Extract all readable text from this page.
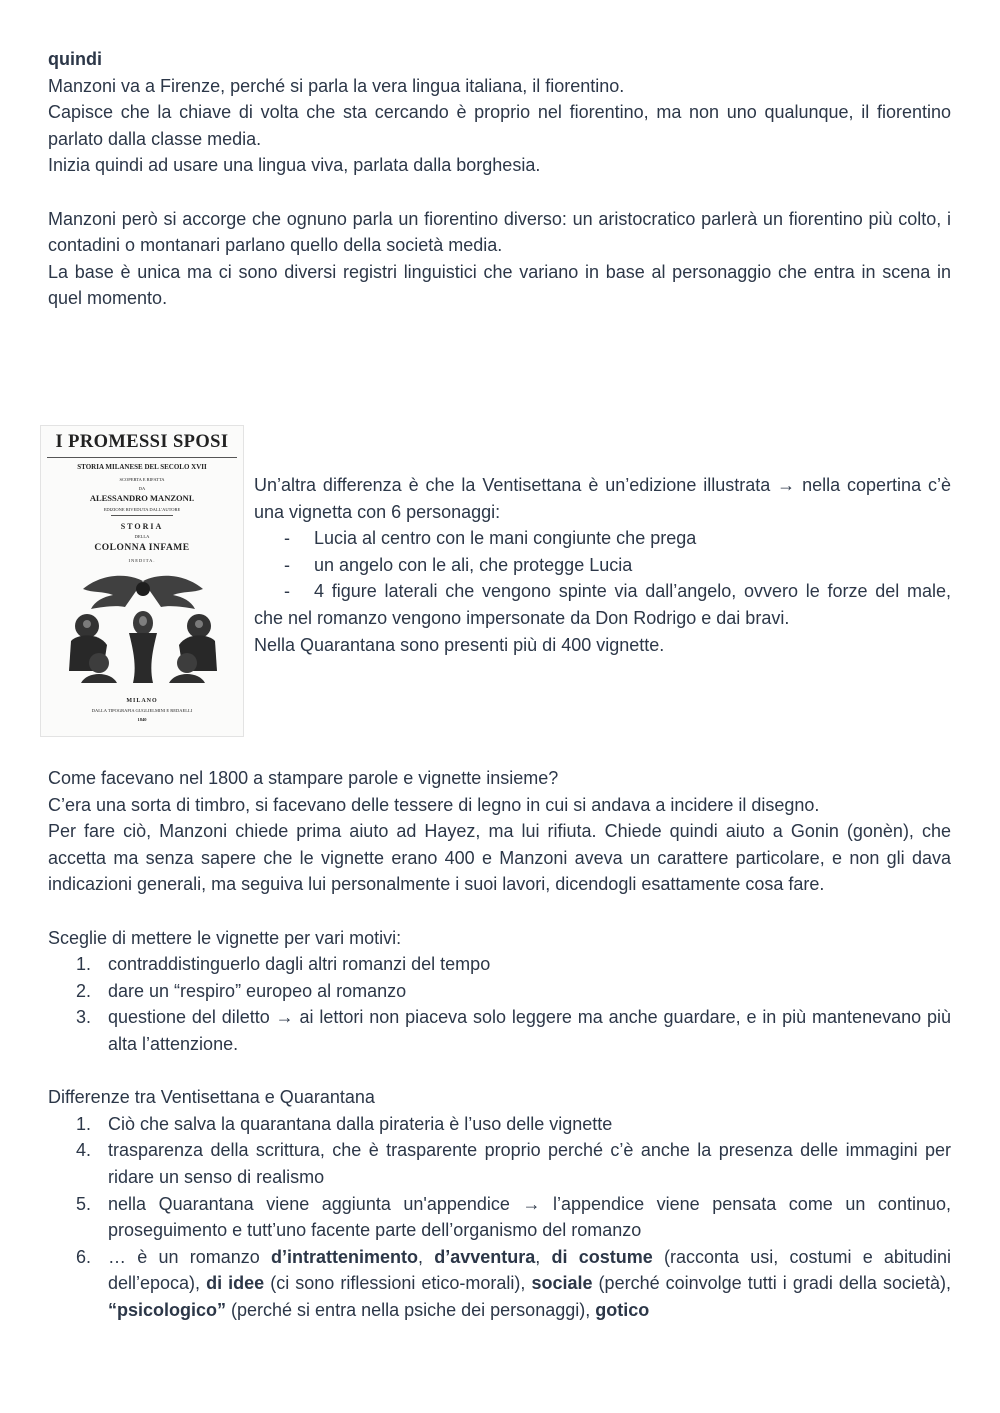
quindi

Manzoni va a Firenze, perché si parla la vera lingua italiana, il fiorentino.

Capisce che la chiave di volta che sta cercando è proprio nel fiorentino, ma non uno qualunque, il fiorentino parlato dalla classe media.

Inizia quindi ad usare una lingua viva, parlata dalla borghesia.

Manzoni però si accorge che ognuno parla un fiorentino diverso: un aristocratico parlerà un fiorentino più colto, i contadini o montanari parlano quello della società media.

La base è unica ma ci sono diversi registri linguistici che variano in base al personaggio che entra in scena in quel momento.

I PROMESSI SPOSI
STORIA MILANESE DEL SECOLO XVII
SCOPERTA E RIFATTA
DA
ALESSANDRO MANZONI.
EDIZIONE RIVEDUTA DALL'AUTORE
STORIA
DELLA
COLONNA INFAME
INEDITA.
MILANO
DALLA TIPOGRAFIA GUGLIELMINI E REDAELLI
1840

Un’altra differenza è che la Ventisettana è un’edizione illustrata → nella copertina c’è una vignetta con 6 personaggi:

- Lucia al centro con le mani congiunte che prega
- un angelo con le ali, che protegge Lucia

- 4 figure laterali che vengono spinte via dall’angelo, ovvero le forze del male, che nel romanzo vengono impersonate da Don Rodrigo e dai bravi.

Nella Quarantana sono presenti più di 400 vignette.

Come facevano nel 1800 a stampare parole e vignette insieme?

C’era una sorta di timbro, si facevano delle tessere di legno in cui si andava a incidere il disegno.

Per fare ciò, Manzoni chiede prima aiuto ad Hayez, ma lui rifiuta. Chiede quindi aiuto a Gonin (gonèn), che accetta ma senza sapere che le vignette erano 400 e Manzoni aveva un carattere particolare, e non gli dava indicazioni generali, ma seguiva lui personalmente i suoi lavori, dicendogli esattamente cosa fare.

Sceglie di mettere le vignette per vari motivi:

1. contraddistinguerlo dagli altri romanzi del tempo
2. dare un “respiro” europeo al romanzo
3. questione del diletto → ai lettori non piaceva solo leggere ma anche guardare, e in più mantenevano più alta l’attenzione.

Differenze tra Ventisettana e Quarantana

1. Ciò che salva la quarantana dalla pirateria è l’uso delle vignette
4. trasparenza della scrittura, che è trasparente proprio perché c’è anche la presenza delle immagini per ridare un senso di realismo
5. nella Quarantana viene aggiunta un'appendice → l’appendice viene pensata come un continuo, proseguimento e tutt’uno facente parte dell’organismo del romanzo
6. … è un romanzo d’intrattenimento, d’avventura, di costume (racconta usi, costumi e abitudini dell’epoca), di idee (ci sono riflessioni etico-morali), sociale (perché coinvolge tutti i gradi della società), “psicologico” (perché si entra nella psiche dei personaggi), gotico
